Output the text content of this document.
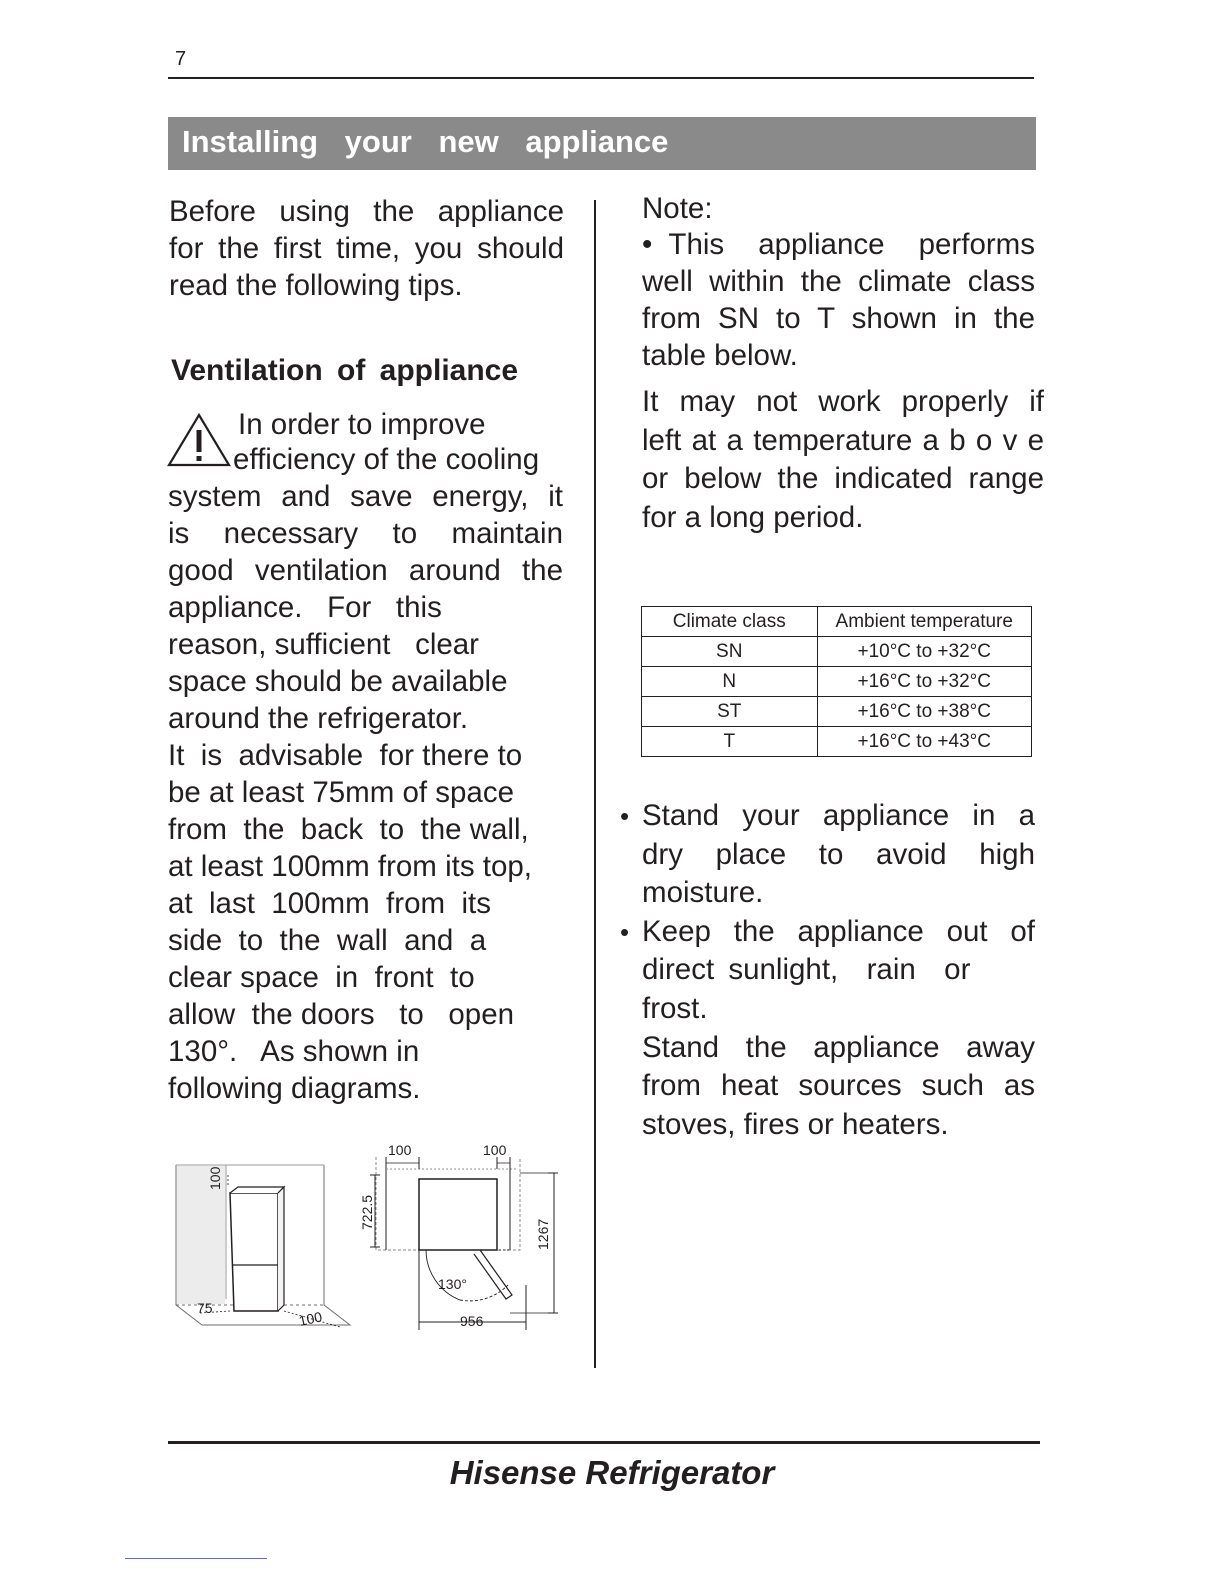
7
Installing your new appliance
Before using the appliance
for the first time, you should
read the following tips.
Ventilation of appliance
In order to improve
efficiency of the cooling
system and save energy, it
is necessary to maintain
good ventilation around the
appliance.   For   this
reason, sufficient   clear
space should be available
around the refrigerator.
It  is  advisable  for there to
be at least 75mm of space
from  the  back  to  the wall,
at least 100mm from its top,
at  last  100mm  from  its
side  to  the  wall  and  a
clear space  in  front  to
allow  the doors   to   open
130°.   As shown in
following diagrams.
100
75
100
100	100
722.5
1267
130°
956
Note:
• This appliance performs
well within the climate class
from SN to T shown in the
table below.
It may not work properly if
left at a temperature a b o v e
or below the indicated range
for a long period.
Climate class	Ambient temperature
SN	+10°C to +32°C
N	+16°C to +32°C
ST	+16°C to +38°C
T	+16°C to +43°C
• Stand your appliance in a
dry place to avoid high
moisture.
• Keep the appliance out of
direct sunlight,  rain  or
frost.
Stand the appliance away
from heat sources such as
stoves, fires or heaters.
Hisense Refrigerator
